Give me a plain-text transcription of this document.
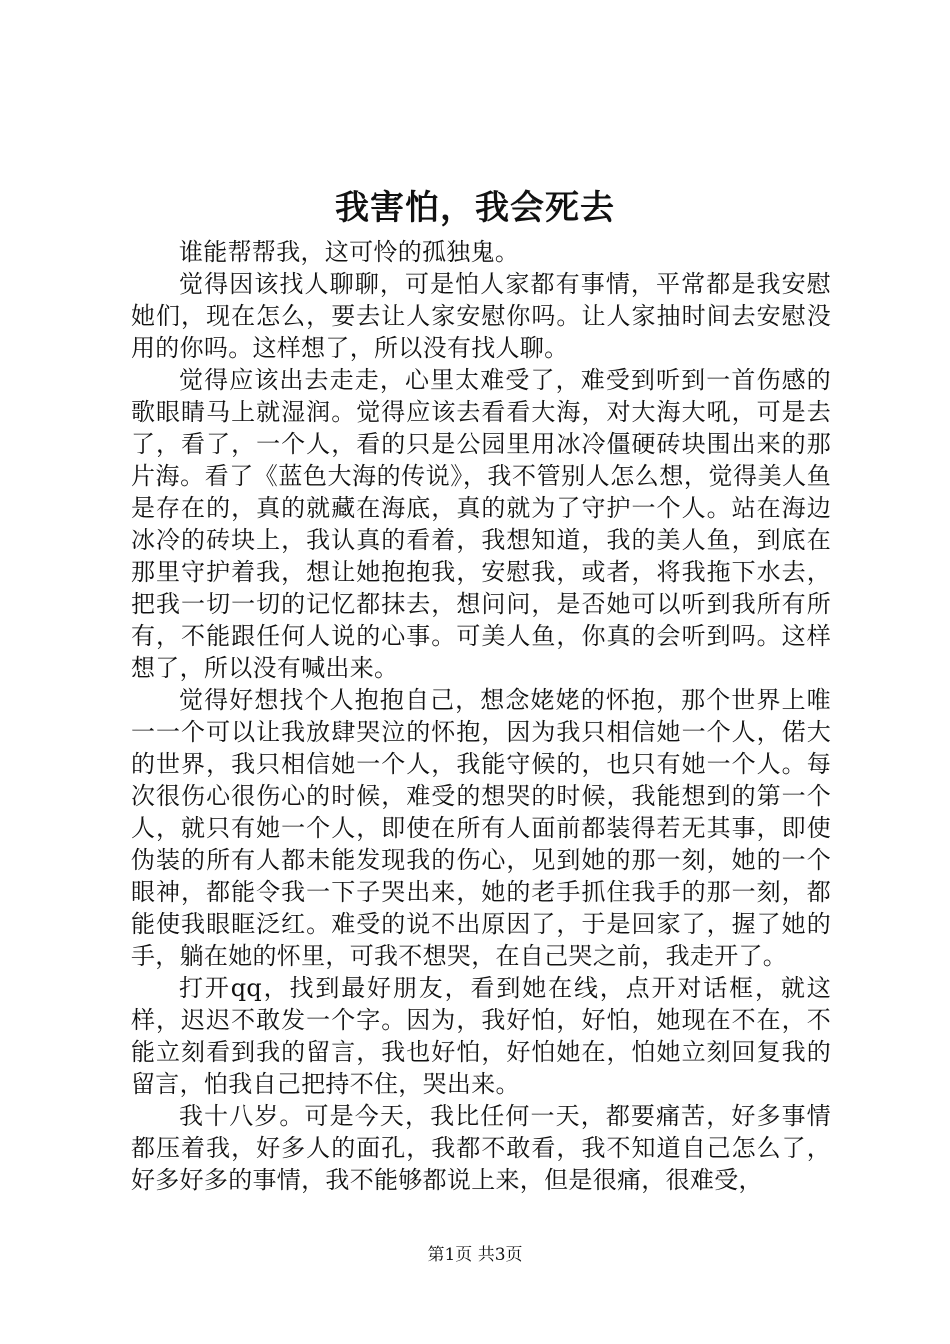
我害怕，我会死去

谁能帮帮我，这可怜的孤独鬼。

觉得因该找人聊聊，可是怕人家都有事情，平常都是我安慰她们，现在怎么，要去让人家安慰你吗。让人家抽时间去安慰没用的你吗。这样想了，所以没有找人聊。

觉得应该出去走走，心里太难受了，难受到听到一首伤感的歌眼睛马上就湿润。觉得应该去看看大海，对大海大吼，可是去了，看了，一个人，看的只是公园里用冰冷僵硬砖块围出来的那片海。看了《蓝色大海的传说》，我不管别人怎么想，觉得美人鱼是存在的，真的就藏在海底，真的就为了守护一个人。站在海边冰冷的砖块上，我认真的看着，我想知道，我的美人鱼，到底在那里守护着我，想让她抱抱我，安慰我，或者，将我拖下水去，把我一切一切的记忆都抹去，想问问，是否她可以听到我所有所有，不能跟任何人说的心事。可美人鱼，你真的会听到吗。这样想了，所以没有喊出来。

觉得好想找个人抱抱自己，想念姥姥的怀抱，那个世界上唯一一个可以让我放肆哭泣的怀抱，因为我只相信她一个人，偌大的世界，我只相信她一个人，我能守候的，也只有她一个人。每次很伤心很伤心的时候，难受的想哭的时候，我能想到的第一个人，就只有她一个人，即使在所有人面前都装得若无其事，即使伪装的所有人都未能发现我的伤心，见到她的那一刻，她的一个眼神，都能令我一下子哭出来，她的老手抓住我手的那一刻，都能使我眼眶泛红。难受的说不出原因了，于是回家了，握了她的手，躺在她的怀里，可我不想哭，在自己哭之前，我走开了。

打开qq，找到最好朋友，看到她在线，点开对话框，就这样，迟迟不敢发一个字。因为，我好怕，好怕，她现在不在，不能立刻看到我的留言，我也好怕，好怕她在，怕她立刻回复我的留言，怕我自己把持不住，哭出来。

我十八岁。可是今天，我比任何一天，都要痛苦，好多事情都压着我，好多人的面孔，我都不敢看，我不知道自己怎么了，好多好多的事情，我不能够都说上来，但是很痛，很难受，

第1页 共3页
